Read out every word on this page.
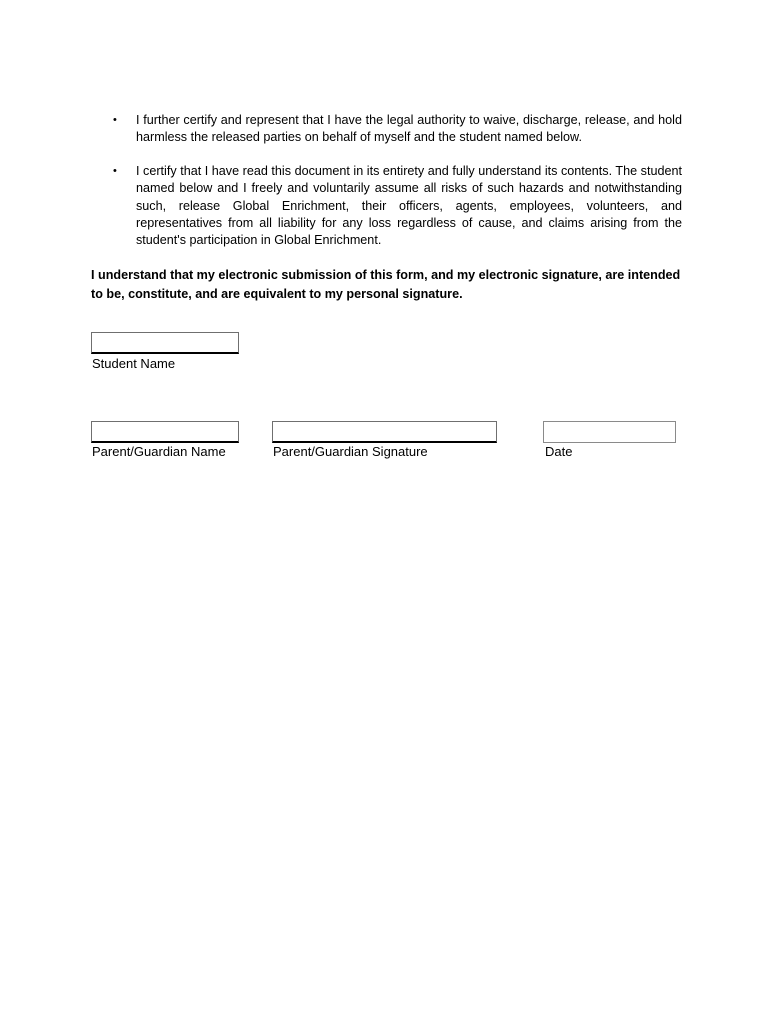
• I further certify and represent that I have the legal authority to waive, discharge, release, and hold harmless the released parties on behalf of myself and the student named below.
• I certify that I have read this document in its entirety and fully understand its contents. The student named below and I freely and voluntarily assume all risks of such hazards and notwithstanding such, release Global Enrichment, their officers, agents, employees, volunteers, and representatives from all liability for any loss regardless of cause, and claims arising from the student's participation in Global Enrichment.

I understand that my electronic submission of this form, and my electronic signature, are intended to be, constitute, and are equivalent to my personal signature.

Student Name
Parent/Guardian Name	Parent/Guardian Signature	Date
